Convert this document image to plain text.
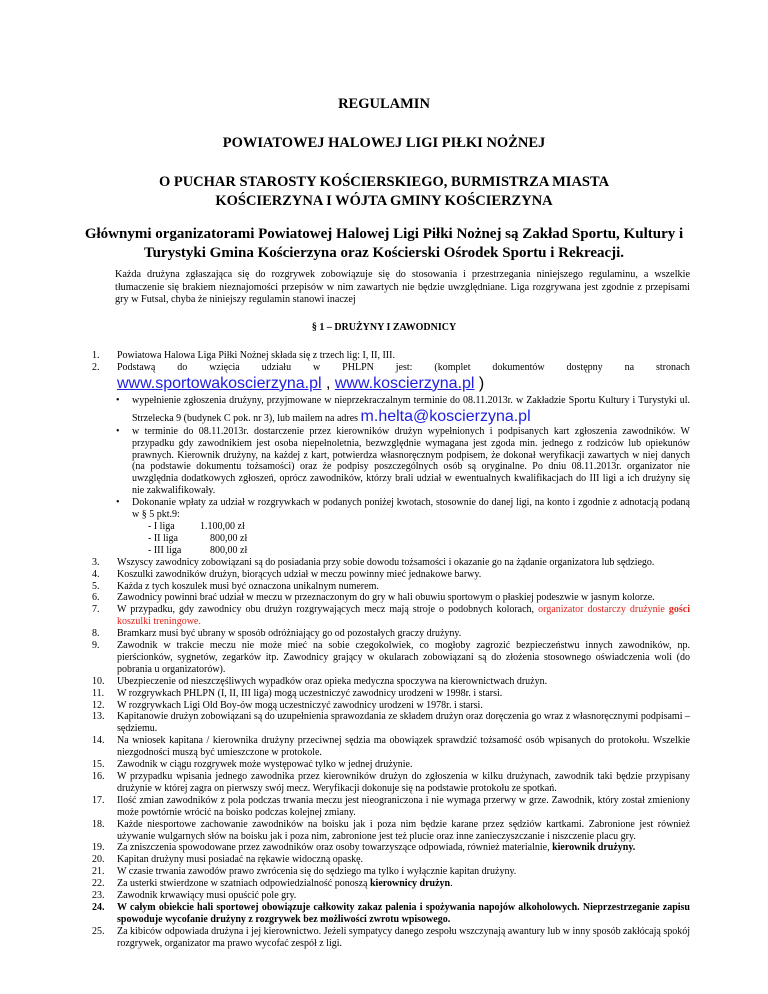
REGULAMIN
POWIATOWEJ HALOWEJ LIGI PIŁKI NOŻNEJ
O PUCHAR STAROSTY KOŚCIERSKIEGO, BURMISTRZA MIASTA
KOŚCIERZYNA I WÓJTA GMINY KOŚCIERZYNA
Głównymi organizatorami Powiatowej Halowej Ligi Piłki Nożnej są Zakład Sportu, Kultury i Turystyki Gmina Kościerzyna oraz Kościerski Ośrodek Sportu i Rekreacji.
Każda drużyna zgłaszająca się do rozgrywek zobowiązuje się do stosowania i przestrzegania niniejszego regulaminu, a wszelkie tłumaczenie się brakiem nieznajomości przepisów w nim zawartych nie będzie uwzględniane. Liga rozgrywana jest zgodnie z przepisami gry w Futsal, chyba że niniejszy regulamin stanowi inaczej
§ 1 – DRUŻYNY I ZAWODNICY
1.	Powiatowa Halowa Liga Piłki Nożnej składa się z trzech lig: I, II, III.
2.	Podstawą do wzięcia udziału w PHLPN jest: (komplet dokumentów dostępny na stronach
www.sportowakoscierzyna.pl , www.koscierzyna.pl )
•	wypełnienie zgłoszenia drużyny, przyjmowane w nieprzekraczalnym terminie do 08.11.2013r. w Zakładzie Sportu Kultury i Turystyki ul. Strzelecka 9 (budynek C pok. nr 3), lub mailem na adres m.helta@koscierzyna.pl
•	w terminie do 08.11.2013r. dostarczenie przez kierowników drużyn wypełnionych i podpisanych kart zgłoszenia zawodników. W przypadku gdy zawodnikiem jest osoba niepełnoletnia, bezwzględnie wymagana jest zgoda min. jednego z rodziców lub opiekunów prawnych. Kierownik drużyny, na każdej z kart, potwierdza własnoręcznym podpisem, że dokonał weryfikacji zawartych w niej danych (na podstawie dokumentu tożsamości) oraz że podpisy poszczególnych osób są oryginalne. Po dniu 08.11.2013r. organizator nie uwzględnia dodatkowych zgłoszeń, oprócz zawodników, którzy brali udział w ewentualnych kwalifikacjach do III ligi a ich drużyny się nie zakwalifikowały.
•	Dokonanie wpłaty za udział w rozgrywkach w podanych poniżej kwotach, stosownie do danej ligi, na konto i zgodnie z adnotacją podaną w § 5 pkt.9:
- I liga	1.100,00 zł
- II liga	800,00 zł
- III liga	800,00 zł
3.	Wszyscy zawodnicy zobowiązani są do posiadania przy sobie dowodu tożsamości i okazanie go na żądanie organizatora lub sędziego.
4.	Koszulki zawodników drużyn, biorących udział w meczu powinny mieć jednakowe barwy.
5.	Każda z tych koszulek musi być oznaczona unikalnym numerem.
6.	Zawodnicy powinni brać udział w meczu w przeznaczonym do gry w hali obuwiu sportowym o płaskiej podeszwie w jasnym kolorze.
7.	W przypadku, gdy zawodnicy obu drużyn rozgrywających mecz mają stroje o podobnych kolorach, organizator dostarczy drużynie gości koszulki treningowe.
8.	Bramkarz musi być ubrany w sposób odróżniający go od pozostałych graczy drużyny.
9.	Zawodnik w trakcie meczu nie może mieć na sobie czegokolwiek, co mogłoby zagrozić bezpieczeństwu innych zawodników, np. pierścionków, sygnetów, zegarków itp. Zawodnicy grający w okularach zobowiązani są do złożenia stosownego oświadczenia woli (do pobrania u organizatorów).
10.	Ubezpieczenie od nieszczęśliwych wypadków oraz opieka medyczna spoczywa na kierownictwach drużyn.
11.	W rozgrywkach PHLPN (I, II, III liga) mogą uczestniczyć zawodnicy urodzeni w 1998r. i starsi.
12.	W rozgrywkach Ligi Old Boy-ów mogą uczestniczyć zawodnicy urodzeni w 1978r. i starsi.
13.	Kapitanowie drużyn zobowiązani są do uzupełnienia sprawozdania ze składem drużyn oraz doręczenia go wraz z własnoręcznymi podpisami – sędziemu.
14.	Na wniosek kapitana / kierownika drużyny przeciwnej sędzia ma obowiązek sprawdzić tożsamość osób wpisanych do protokołu. Wszelkie niezgodności muszą być umieszczone w protokole.
15.	Zawodnik w ciągu rozgrywek może występować tylko w jednej drużynie.
16.	W przypadku wpisania jednego zawodnika przez kierowników drużyn do zgłoszenia w kilku drużynach, zawodnik taki będzie przypisany drużynie w której zagra on pierwszy swój mecz. Weryfikacji dokonuje się na podstawie protokołu ze spotkań.
17.	Ilość zmian zawodników z pola podczas trwania meczu jest nieograniczona i nie wymaga przerwy w grze. Zawodnik, który został zmieniony może powtórnie wrócić na boisko podczas kolejnej zmiany.
18.	Każde niesportowe zachowanie zawodników na boisku jak i poza nim będzie karane przez sędziów kartkami. Zabronione jest również używanie wulgarnych słów na boisku jak i poza nim, zabronione jest też plucie oraz inne zanieczyszczanie i niszczenie placu gry.
19.	Za zniszczenia spowodowane przez zawodników oraz osoby towarzyszące odpowiada, również materialnie, kierownik drużyny.
20.	Kapitan drużyny musi posiadać na rękawie widoczną opaskę.
21.	W czasie trwania zawodów prawo zwrócenia się do sędziego ma tylko i wyłącznie kapitan drużyny.
22.	Za usterki stwierdzone w szatniach odpowiedzialność ponoszą kierownicy drużyn.
23.	Zawodnik krwawiący musi opuścić pole gry.
24.	W całym obiekcie hali sportowej obowiązuje całkowity zakaz palenia i spożywania napojów alkoholowych. Nieprzestrzeganie zapisu spowoduje wycofanie drużyny z rozgrywek bez możliwości zwrotu wpisowego.
25.	Za kibiców odpowiada drużyna i jej kierownictwo. Jeżeli sympatycy danego zespołu wszczynają awantury lub w inny sposób zakłócają spokój rozgrywek, organizator ma prawo wycofać zespół z ligi.
